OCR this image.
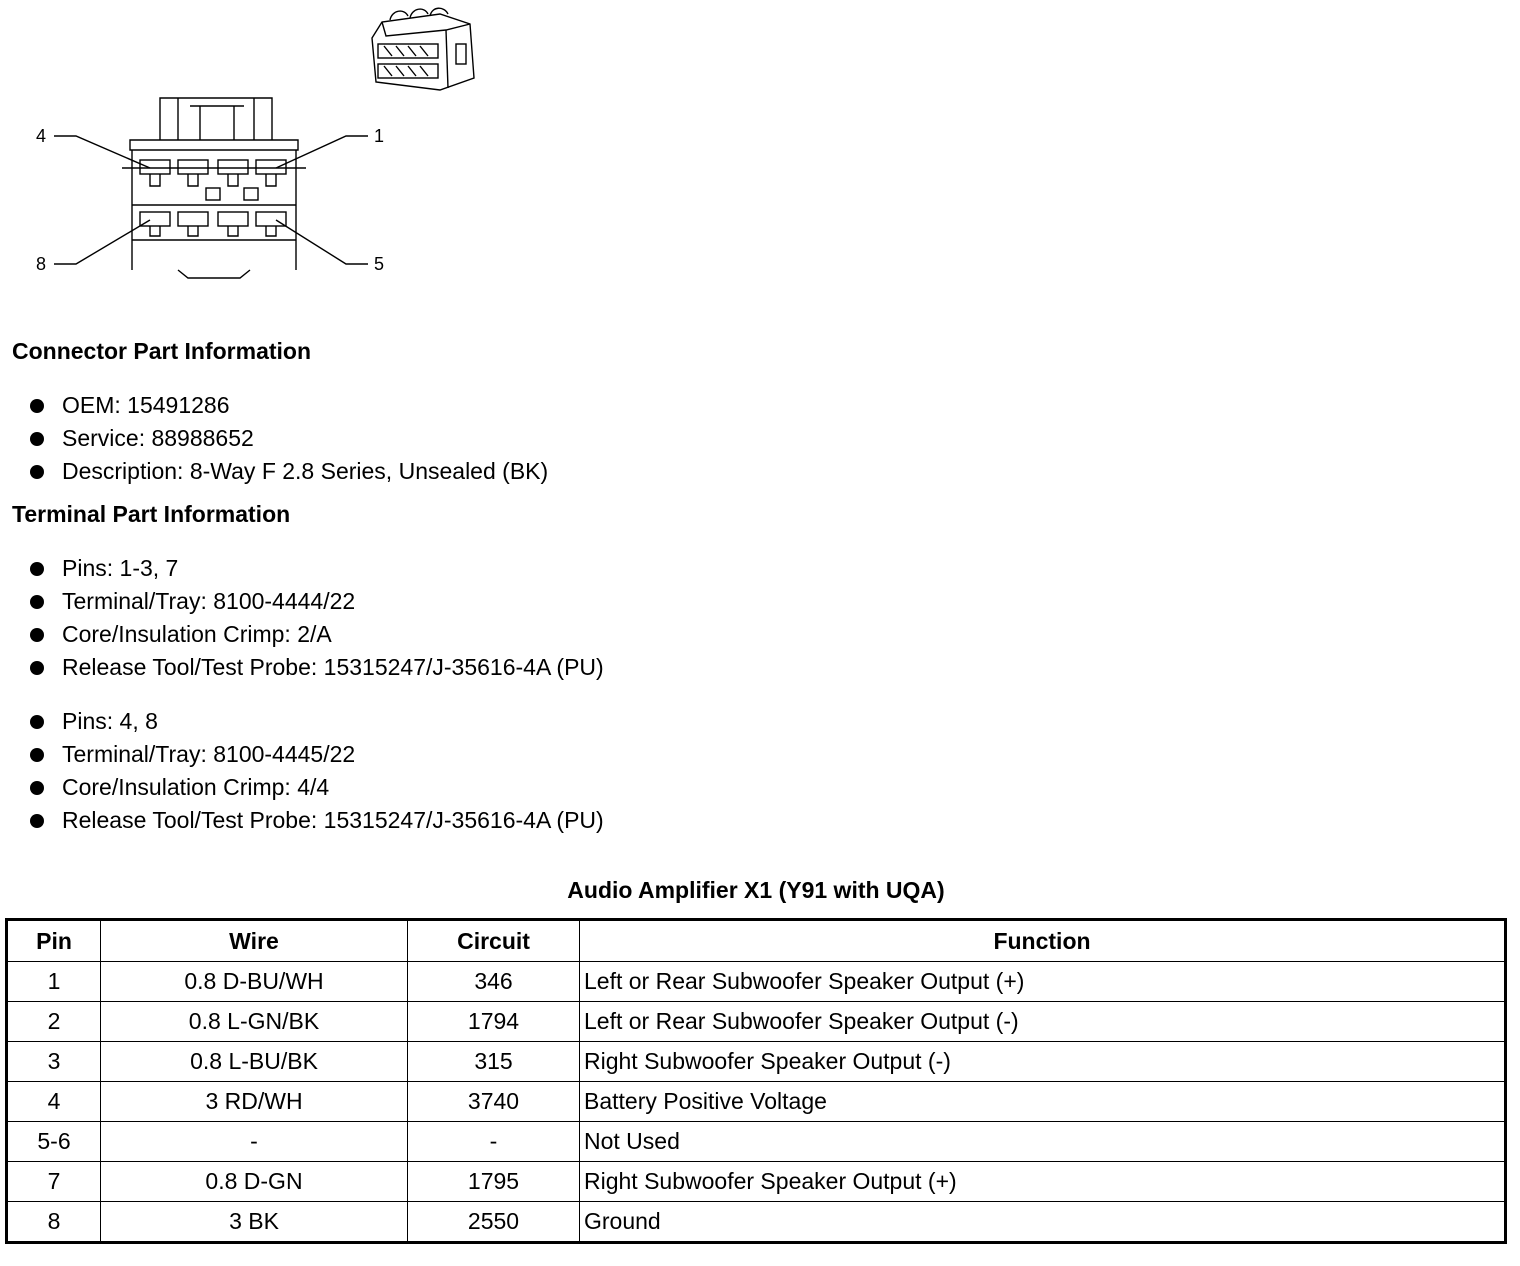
4	1
8	5
Connector Part Information
OEM: 15491286
Service: 88988652
Description: 8-Way F 2.8 Series, Unsealed (BK)
Terminal Part Information
Pins: 1-3, 7
Terminal/Tray: 8100-4444/22
Core/Insulation Crimp: 2/A
Release Tool/Test Probe: 15315247/J-35616-4A (PU)
Pins: 4, 8
Terminal/Tray: 8100-4445/22
Core/Insulation Crimp: 4/4
Release Tool/Test Probe: 15315247/J-35616-4A (PU)
Audio Amplifier X1 (Y91 with UQA)
Pin	Wire	Circuit	Function
1	0.8 D-BU/WH	346	Left or Rear Subwoofer Speaker Output (+)
2	0.8 L-GN/BK	1794	Left or Rear Subwoofer Speaker Output (-)
3	0.8 L-BU/BK	315	Right Subwoofer Speaker Output (-)
4	3 RD/WH	3740	Battery Positive Voltage
5-6	-	-	Not Used
7	0.8 D-GN	1795	Right Subwoofer Speaker Output (+)
8	3 BK	2550	Ground
